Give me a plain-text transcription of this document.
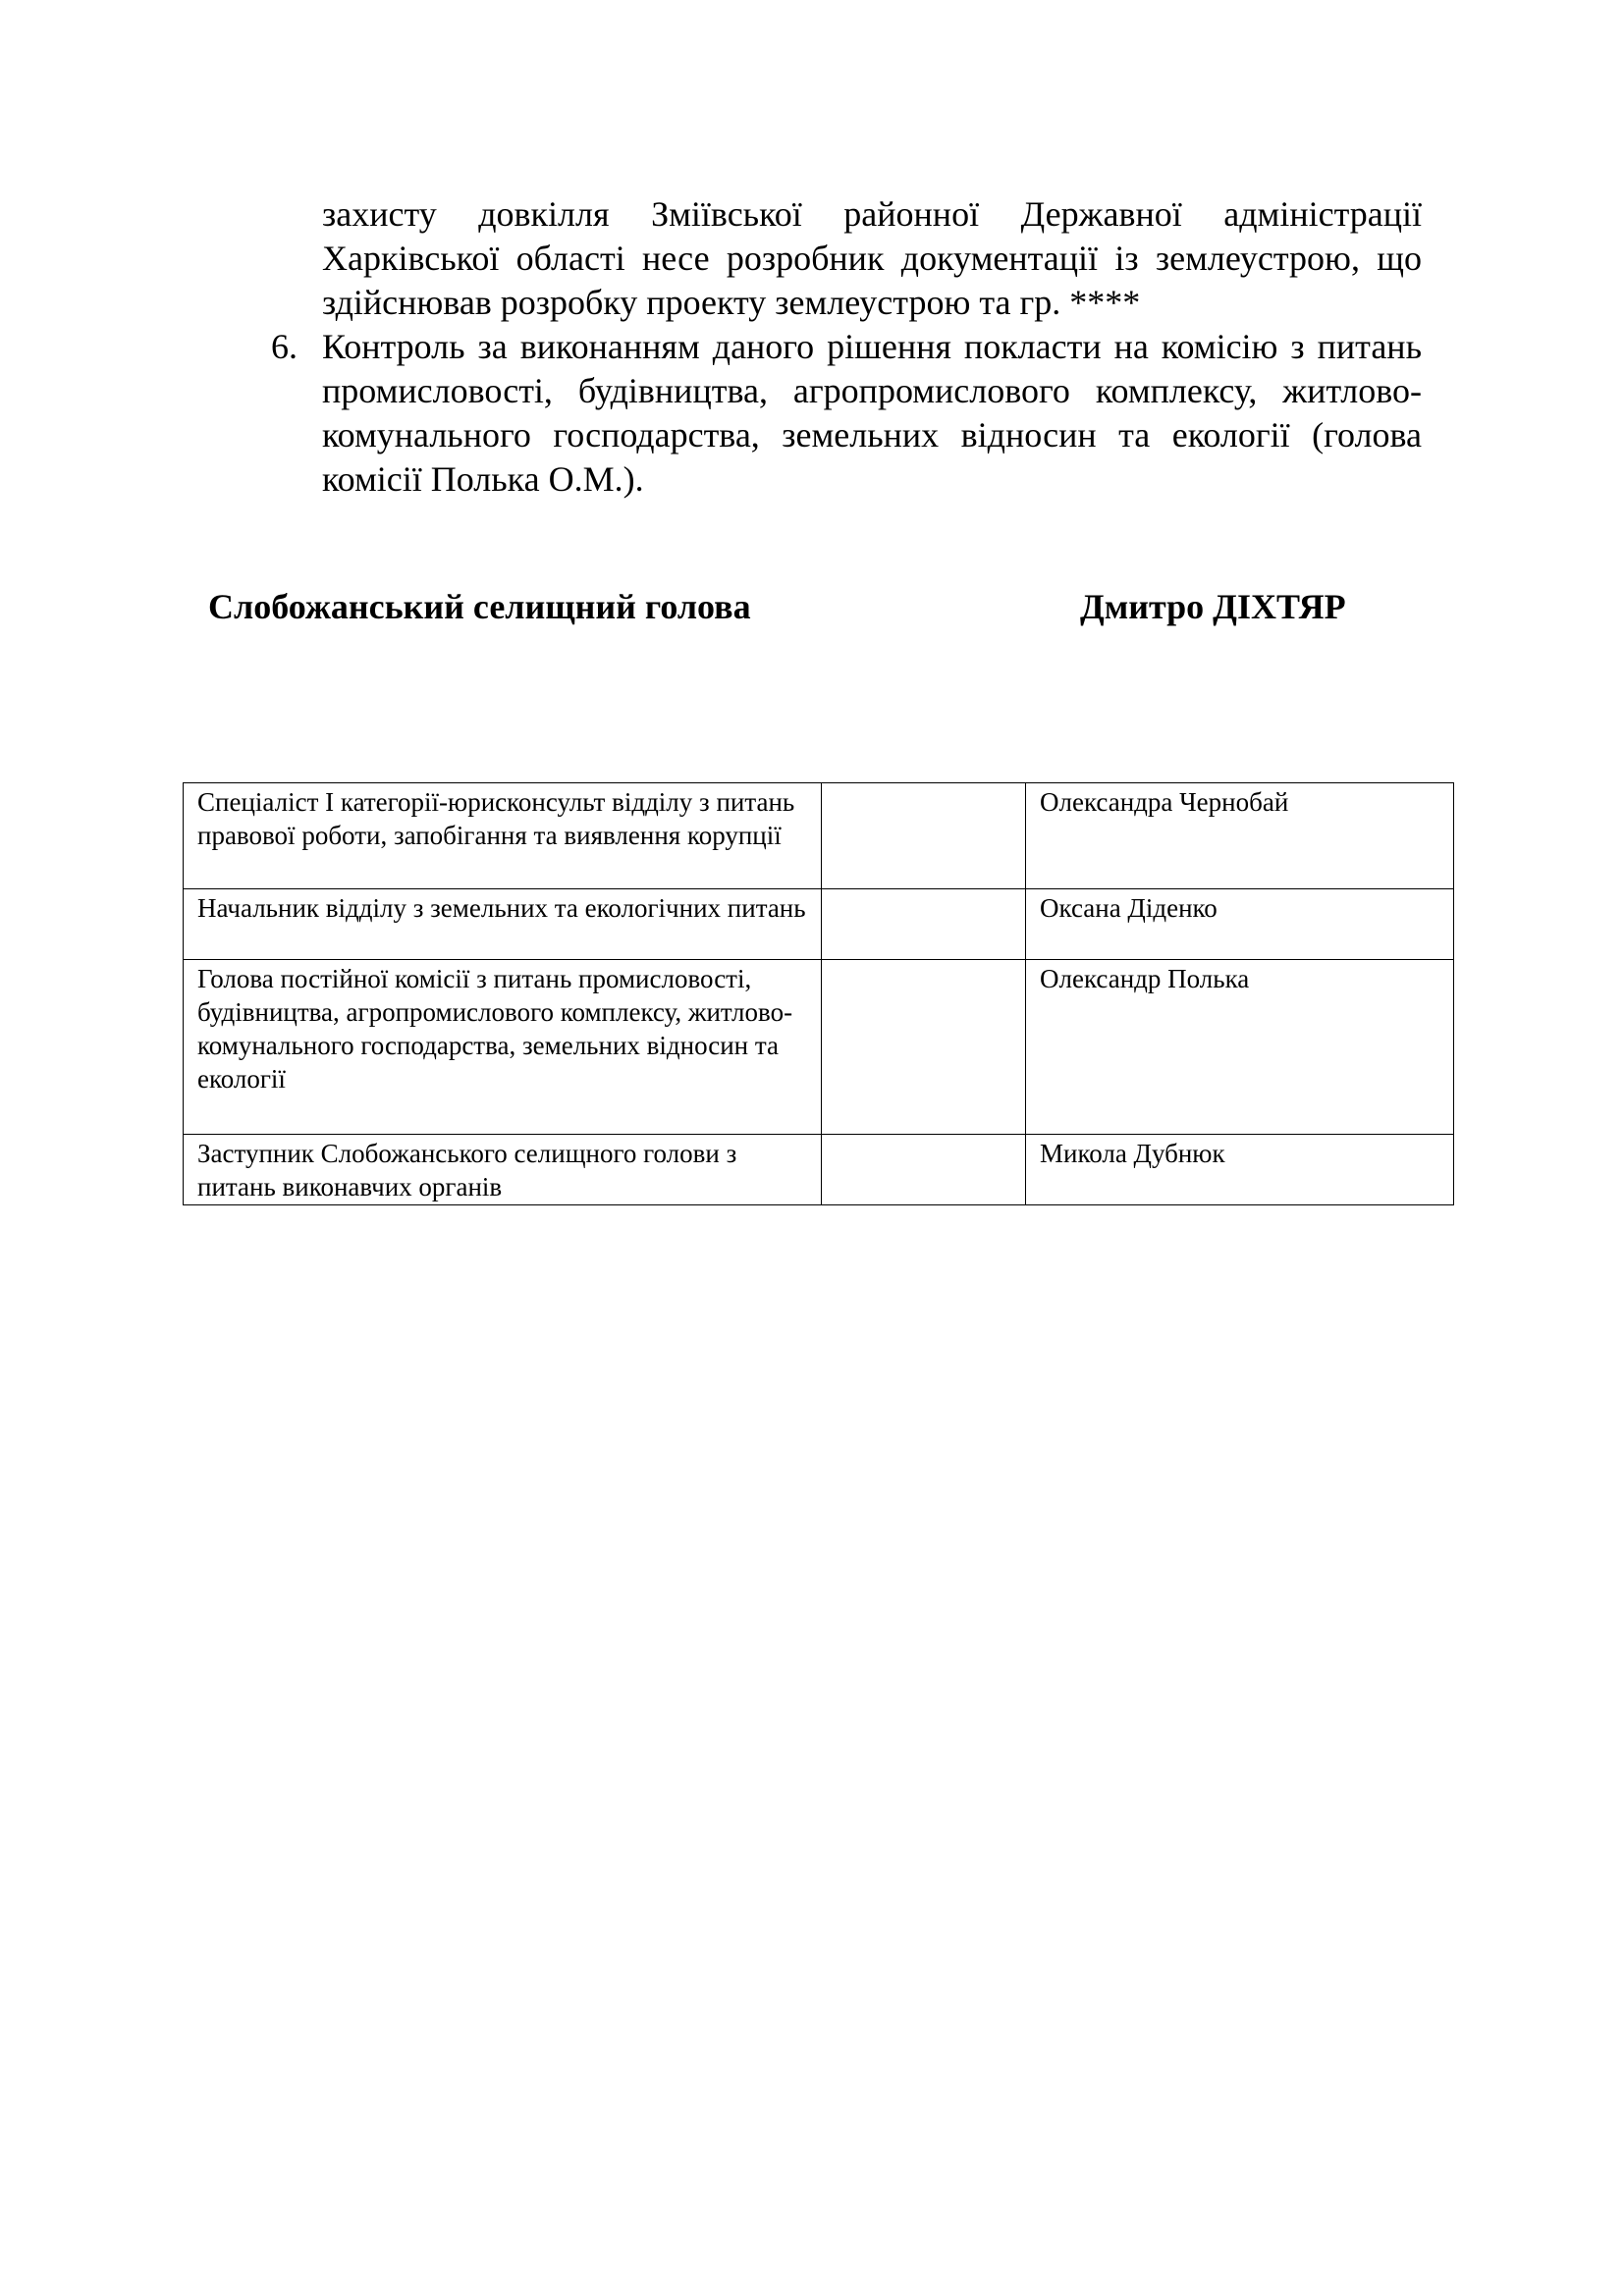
захисту довкілля Зміївської районної Державної адміністрації Харківської області несе розробник документації із землеустрою, що здійснював розробку проекту землеустрою та гр. ****

6. Контроль за виконанням даного рішення покласти на комісію з питань промисловості, будівництва, агропромислового комплексу, житлово-комунального господарства, земельних відносин та екології (голова комісії Полька О.М.).

Слобожанський селищний голова	Дмитро ДІХТЯР
Спеціаліст І категорії-юрисконсульт відділу з питань правової роботи, запобігання та виявлення корупції		Олександра Чернобай
Начальник відділу з земельних та екологічних питань		Оксана Діденко
Голова постійної комісії з питань промисловості, будівництва, агропромислового комплексу, житлово-комунального господарства, земельних відносин та екології		Олександр Полька
Заступник Слобожанського селищного голови з питань виконавчих органів		Микола Дубнюк
